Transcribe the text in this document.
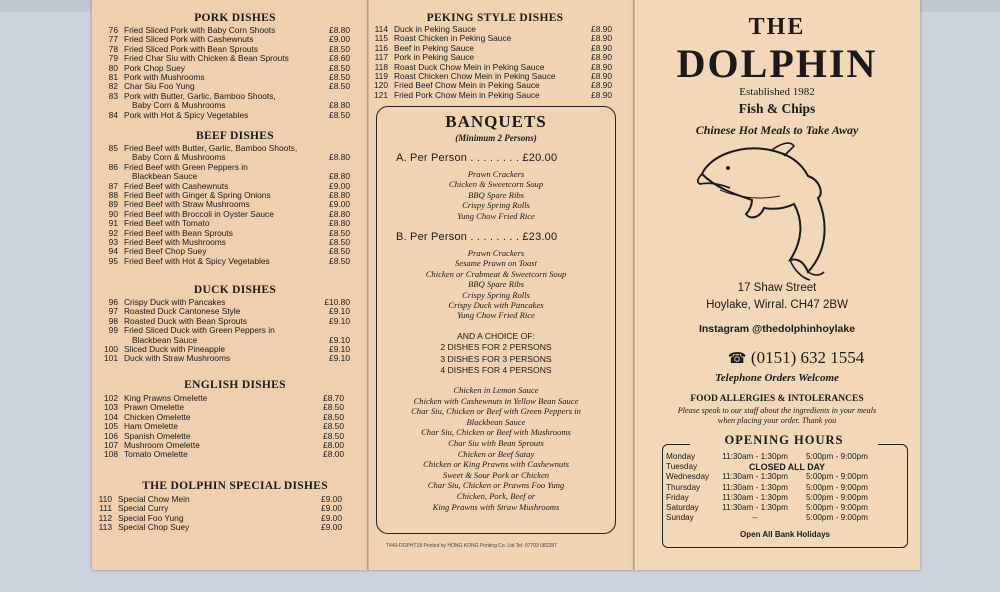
PORK DISHES
76 Fried Sliced Pork with Baby Corn Shoots	£8.80
77 Fried Sliced Pork with Cashewnuts	£9.00
78 Fried Sliced Pork with Bean Sprouts	£8.50
79 Fried Char Siu with Chicken & Bean Sprouts	£8.60
80 Pork Chop Suey	£8.50
81 Pork with Mushrooms	£8.50
82 Char Siu Foo Yung	£8.50
83 Pork with Butter, Garlic, Bamboo Shoots,
Baby Corn & Mushrooms	£8.80
84 Pork with Hot & Spicy Vegetables	£8.50
BEEF DISHES
85 Fried Beef with Butter, Garlic, Bamboo Shoots,
Baby Corn & Mushrooms	£8.80
86 Fried Beef with Green Peppers in
Blackbean Sauce	£8.80
87 Fried Beef with Cashewnuts	£9.00
88 Fried Beef with Ginger & Spring Onions	£8.80
89 Fried Beef with Straw Mushrooms	£9.00
90 Fried Beef with Broccoli in Oyster Sauce	£8.80
91 Fried Beef with Tomato	£8.80
92 Fried Beef with Bean Sprouts	£8.50
93 Fried Beef with Mushrooms	£8.50
94 Fried Beef Chop Suey	£8.50
95 Fried Beef with Hot & Spicy Vegetables	£8.50
DUCK DISHES
96 Crispy Duck with Pancakes	£10.80
97 Roasted Duck Cantonese Style	£9.10
98 Roasted Duck with Bean Sprouts	£9.10
99 Fried Sliced Duck with Green Peppers in
Blackbean Sauce	£9.10
100 Sliced Duck with Pineapple	£9.10
101 Duck with Straw Mushrooms	£9.10
ENGLISH DISHES
102 King Prawns Omelette	£8.70
103 Prawn Omelette	£8.50
104 Chicken Omelette	£8.50
105 Ham Omelette	£8.50
106 Spanish Omelette	£8.50
107 Mushroom Omelette	£8.00
108 Tomato Omelette	£8.00
THE DOLPHIN SPECIAL DISHES
110 Special Chow Mein	£9.00
111 Special Curry	£9.00
112 Special Foo Yung	£9.00
113 Special Chop Suey	£9.00
PEKING STYLE DISHES
114 Duck in Peking Sauce	£8.90
115 Roast Chicken in Peking Sauce	£8.90
116 Beef in Peking Sauce	£8.90
117 Pork in Peking Sauce	£8.90
118 Roast Duck Chow Mein in Peking Sauce	£8.90
119 Roast Chicken Chow Mein in Peking Sauce	£8.90
120 Fried Beef Chow Mein in Peking Sauce	£8.90
121 Fried Pork Chow Mein in Peking Sauce	£8.90
BANQUETS
(Minimum 2 Persons)
A. Per Person . . . . . . . . £20.00
Prawn Crackers
Chicken & Sweetcorn Soup
BBQ Spare Ribs
Crispy Spring Rolls
Yung Chow Fried Rice
B. Per Person . . . . . . . . £23.00
Prawn Crackers
Sesame Prawn on Toast
Chicken or Crabmeat & Sweetcorn Soup
BBQ Spare Ribs
Crispy Spring Rolls
Crispy Duck with Pancakes
Yung Chow Fried Rice
AND A CHOICE OF:
2 DISHES FOR 2 PERSONS
3 DISHES FOR 3 PERSONS
4 DISHES FOR 4 PERSONS
Chicken in Lemon Sauce
Chicken with Cashewnuts in Yellow Bean Sauce
Char Siu, Chicken or Beef with Green Peppers in
Blackbean Sauce
Char Siu, Chicken or Beef with Mushrooms
Char Siu with Bean Sprouts
Chicken or Beef Satay
Chicken or King Prawns with Cashewnuts
Sweet & Sour Pork or Chicken
Char Siu, Chicken or Prawns Foo Yung
Chicken, Pork, Beef or
King Prawns with Straw Mushrooms
T440-DOPHT18 Printed by HONG KONG Printing Co. Ltd Tel: 07703 082287
THE
DOLPHIN
Established 1982
Fish & Chips
Chinese Hot Meals to Take Away
17 Shaw Street
Hoylake, Wirral. CH47 2BW
Instagram @thedolphinhoylake
☎ (0151) 632 1554
Telephone Orders Welcome
FOOD ALLERGIES & INTOLERANCES
Please speak to our staff about the ingredients in your meals
when placing your order. Thank you
OPENING HOURS
Monday	11:30am - 1:30pm	5:00pm - 9:00pm
Tuesday	CLOSED ALL DAY
Wednesday	11:30am - 1:30pm	5:00pm - 9:00pm
Thursday	11:30am - 1:30pm	5:00pm - 9:00pm
Friday	11:30am - 1:30pm	5:00pm - 9:00pm
Saturday	11:30am - 1:30pm	5:00pm - 9:00pm
Sunday	--	5:00pm - 9:00pm
Open All Bank Holidays
